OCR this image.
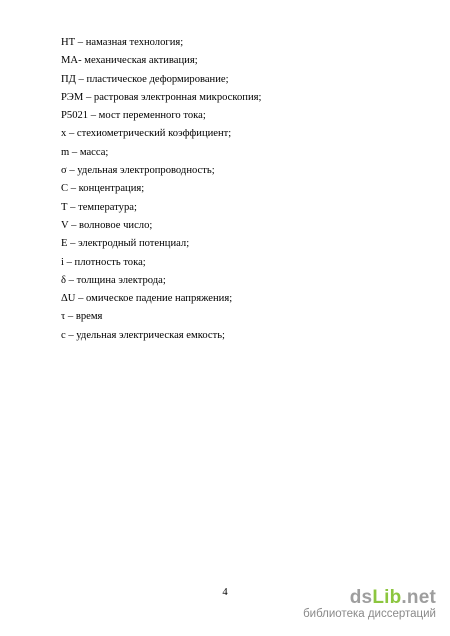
НТ – намазная технология;
МА- механическая активация;
ПД – пластическое деформирование;
РЭМ – растровая электронная микроскопия;
Р5021 – мост переменного тока;
х – стехиометрический коэффициент;
m – масса;
σ – удельная электропроводность;
С – концентрация;
Т – температура;
V – волновое число;
Е – электродный потенциал;
i – плотность тока;
δ – толщина электрода;
ΔU – омическое падение напряжения;
τ – время
с – удельная электрическая емкость;
4	dsLib.net
библиотека диссертаций
